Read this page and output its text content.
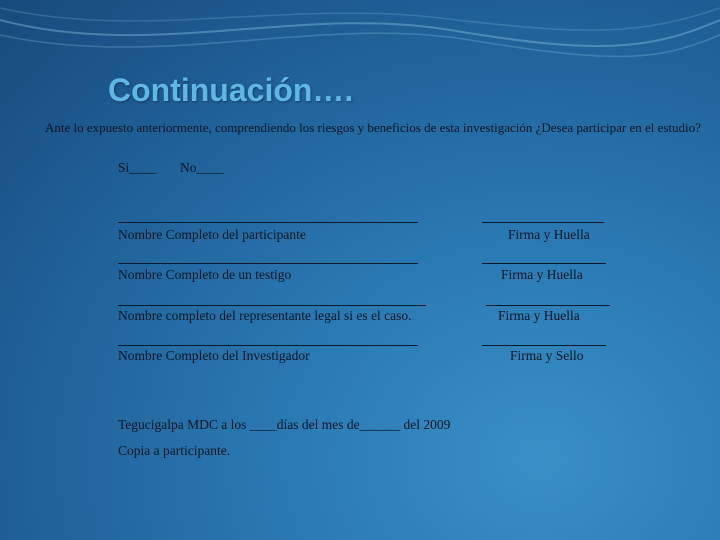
Continuación….
Ante lo expuesto anteriormente, comprendiendo los riesgos y beneficios de esta investigación ¿Desea participar en el estudio?
Si____ No____
Nombre Completo del participante	Firma y Huella
Nombre Completo de un testigo	Firma y Huella
Nombre completo del representante legal si es el caso.	Firma y Huella
Nombre Completo del Investigador	Firma y Sello
Tegucigalpa MDC a los ____días del mes de______ del 2009
Copia a participante.
